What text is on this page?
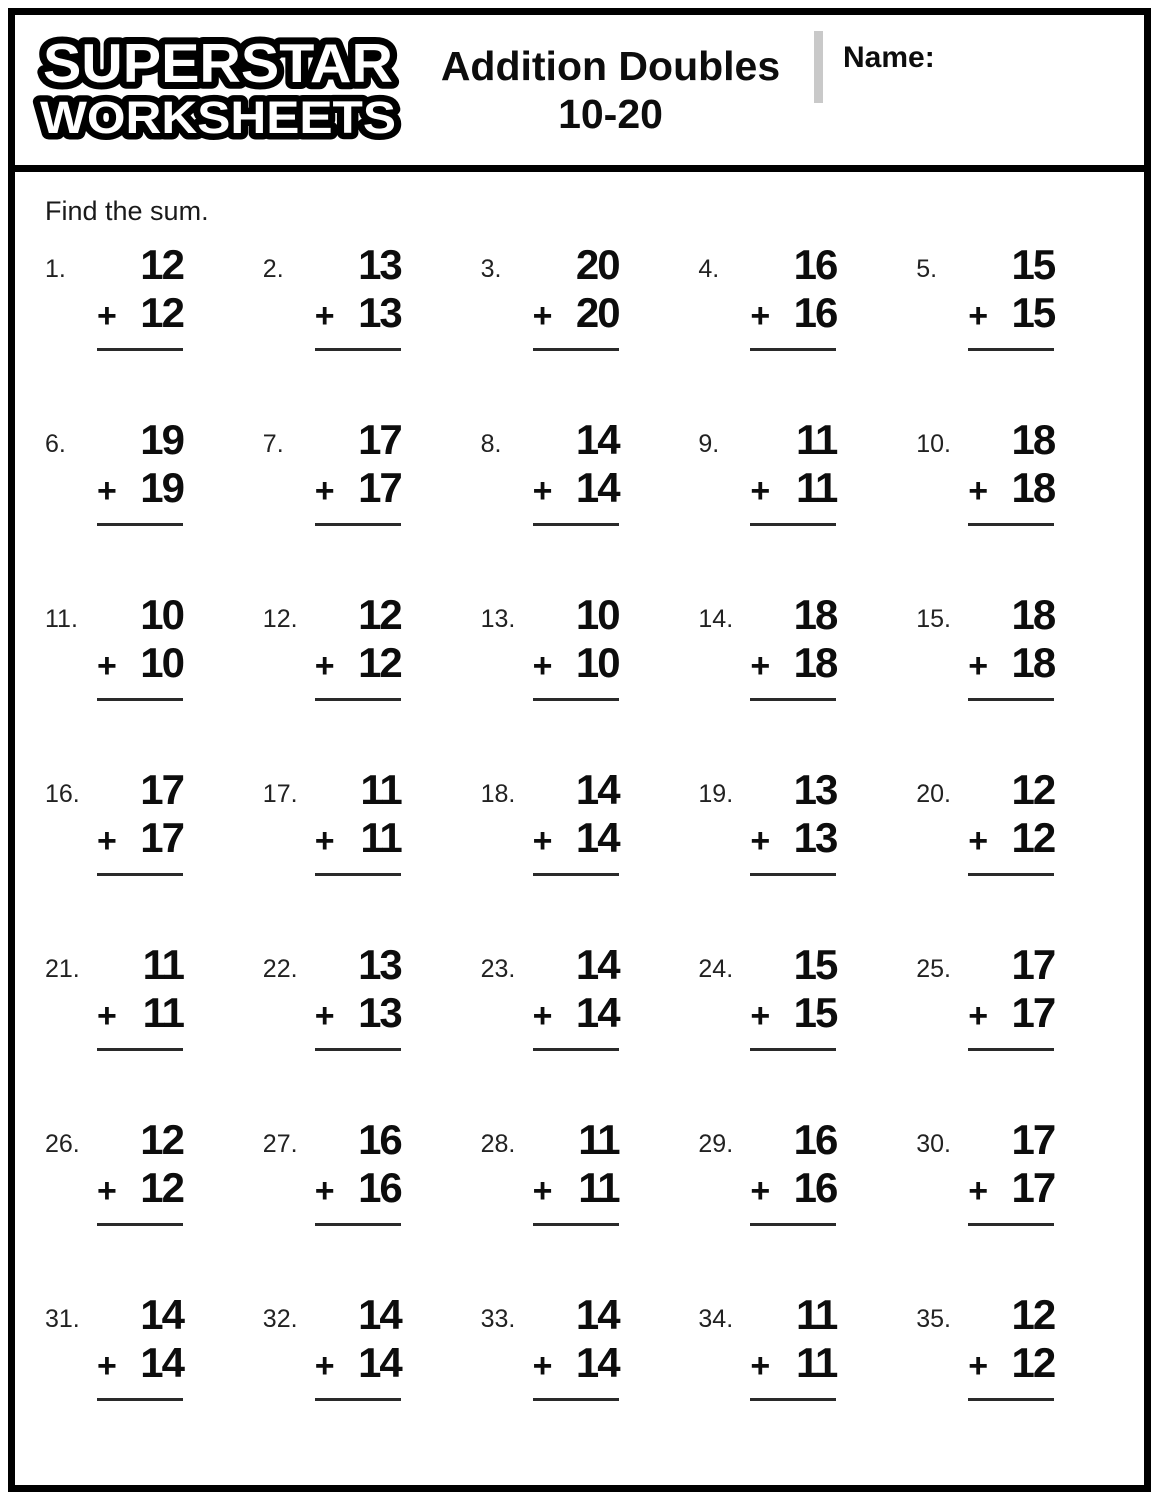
SUPERSTAR
WORKSHEETS
Addition Doubles
10-20
Name:
Find the sum.
1.	12
+ 12
2.	13
+ 13
3.	20
+ 20
4.	16
+ 16
5.	15
+ 15
6.	19
+ 19
7.	17
+ 17
8.	14
+ 14
9.	11
+ 11
10.	18
+ 18
11.	10
+ 10
12.	12
+ 12
13.	10
+ 10
14.	18
+ 18
15.	18
+ 18
16.	17
+ 17
17.	11
+ 11
18.	14
+ 14
19.	13
+ 13
20.	12
+ 12
21.	11
+ 11
22.	13
+ 13
23.	14
+ 14
24.	15
+ 15
25.	17
+ 17
26.	12
+ 12
27.	16
+ 16
28.	11
+ 11
29.	16
+ 16
30.	17
+ 17
31.	14
+ 14
32.	14
+ 14
33.	14
+ 14
34.	11
+ 11
35.	12
+ 12
